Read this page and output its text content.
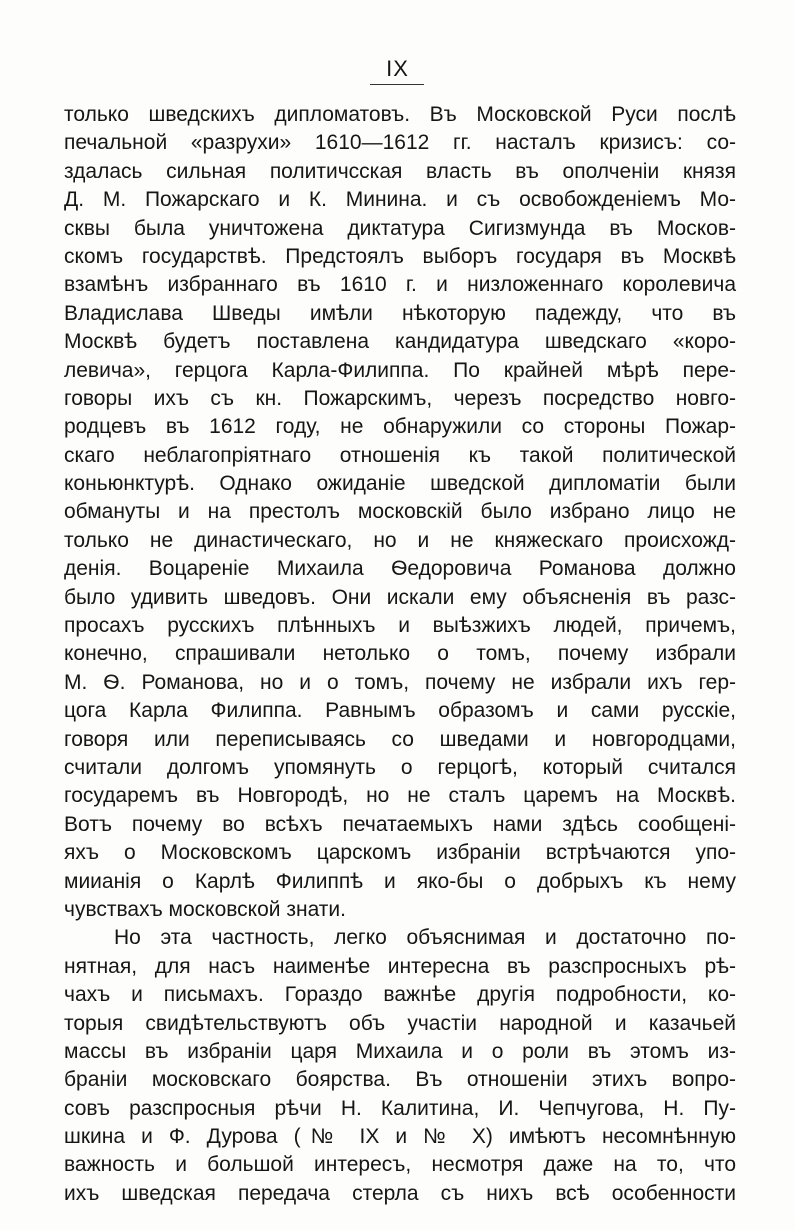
IX
только шведскихъ дипломатовъ. Въ Московской Руси послѣ
печальной «разрухи» 1610—1612 гг. настaлъ кризисъ: со-
здалась сильная политичсская власть въ ополченіи князя
Д. М. Пожарскаго и К. Минина. и съ освобожденіемъ Мо-
сквы была уничтожена диктатура Сигизмунда въ Москов-
скомъ государствѣ. Предстоялъ выборъ государя въ Москвѣ
взамѣнъ избраннаго въ 1610 г. и низложеннаго королевича
Владислава Шведы имѣли нѣкоторую падежду, что въ
Москвѣ будетъ поставлена кандидатура шведскаго «коро-
левича», герцога Карла-Филиппа. По крайней мѣрѣ пере-
говоры ихъ съ кн. Пожарскимъ, черезъ посредство новго-
родцевъ въ 1612 году, не обнаружили со стороны Пожар-
скаго неблагопріятнаго отношенія къ такой политической
коньюнктурѣ. Однако ожиданіе шведской дипломатіи были
обмануты и на престолъ московскій было избрано лицо не
только не династическаго, но и не княжескаго происхожд-
денія. Воцареніе Михаила Ѳедоровича Романова должно
было удивить шведовъ. Они искали ему объясненія въ разс-
просахъ русскихъ плѣнныхъ и выѣзжихъ людей, причемъ,
конечно, спрашивали нетолько о томъ, почему избрали
М. Ѳ. Романова, но и о томъ, почему не избрали ихъ гер-
цога Карла Филиппа. Равнымъ образомъ и сами русскіе,
говоря или переписываясь со шведами и новгородцами,
считали долгомъ упомянуть о герцогѣ, который считался
государемъ въ Новгородѣ, но не сталъ царемъ на Москвѣ.
Вотъ почему во всѣхъ печатаемыхъ нами здѣсь сообщені-
яхъ о Московскомъ царскомъ избраніи встрѣчаются упо-
миианія о Карлѣ Филиппѣ и яко-бы о добрыхъ къ нему
чувствахъ московской знати.
Но эта частность, легко объяснимая и достаточно по-
нятная, для насъ наименѣе интересна въ разспросныхъ рѣ-
чахъ и письмахъ. Гораздо важнѣе другія подробности, ко-
торыя свидѣтельствуютъ объ участіи народной и казачьей
массы въ избраніи царя Михаила и о роли въ этомъ из-
браніи московскаго боярства. Въ отношеніи этихъ вопро-
совъ разспросныя рѣчи Н. Калитина, И. Чепчугова, Н. Пу-
шкина и Ф. Дурова (№ IX и № X) имѣютъ несомнѣнную
важность и большой интересъ, несмотря даже на то, что
ихъ шведская передача стерла съ нихъ всѣ особенности
